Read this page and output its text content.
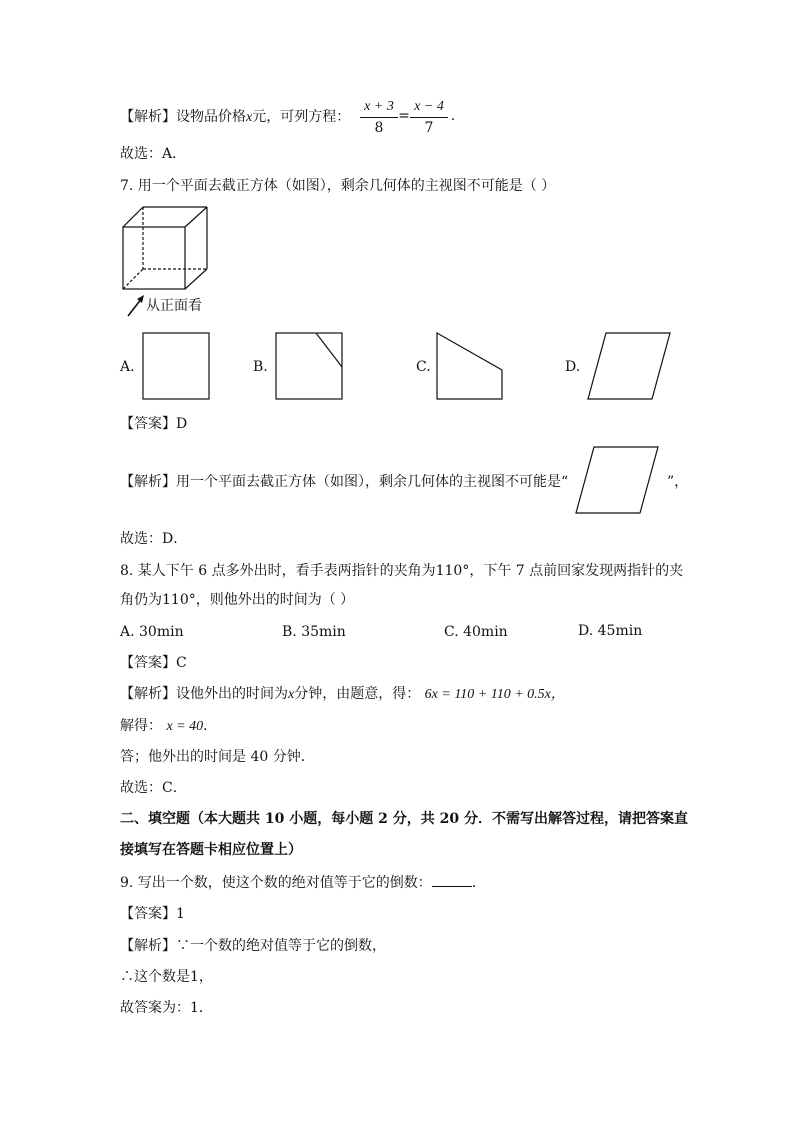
【解析】设物品价格x元，可列方程：
x + 3
8
=
x − 4
7
.
故选：A．
7. 用一个平面去截正方体（如图），剩余几何体的主视图不可能是（ ）
从正面看
A.	B.	C.	D.
【答案】D
【解析】用一个平面去截正方体（如图），剩余几何体的主视图不可能是“	”，
故选：D．
8. 某人下午 6 点多外出时，看手表两指针的夹角为110°，下午 7 点前回家发现两指针的夹
角仍为110°，则他外出的时间为（ ）
A. 30min	B. 35min	C. 40min	D. 45min
【答案】C
【解析】设他外出的时间为x分钟，由题意，得： 6x = 110 + 110 + 0.5x，
解得： x = 40．
答；他外出的时间是 40 分钟．
故选：C．
二、填空题（本大题共 10 小题，每小题 2 分，共 20 分．不需写出解答过程，请把答案直
接填写在答题卡相应位置上）
9. 写出一个数，使这个数的绝对值等于它的倒数：	．
【答案】1
【解析】∵一个数的绝对值等于它的倒数，
∴这个数是1，
故答案为：1．
